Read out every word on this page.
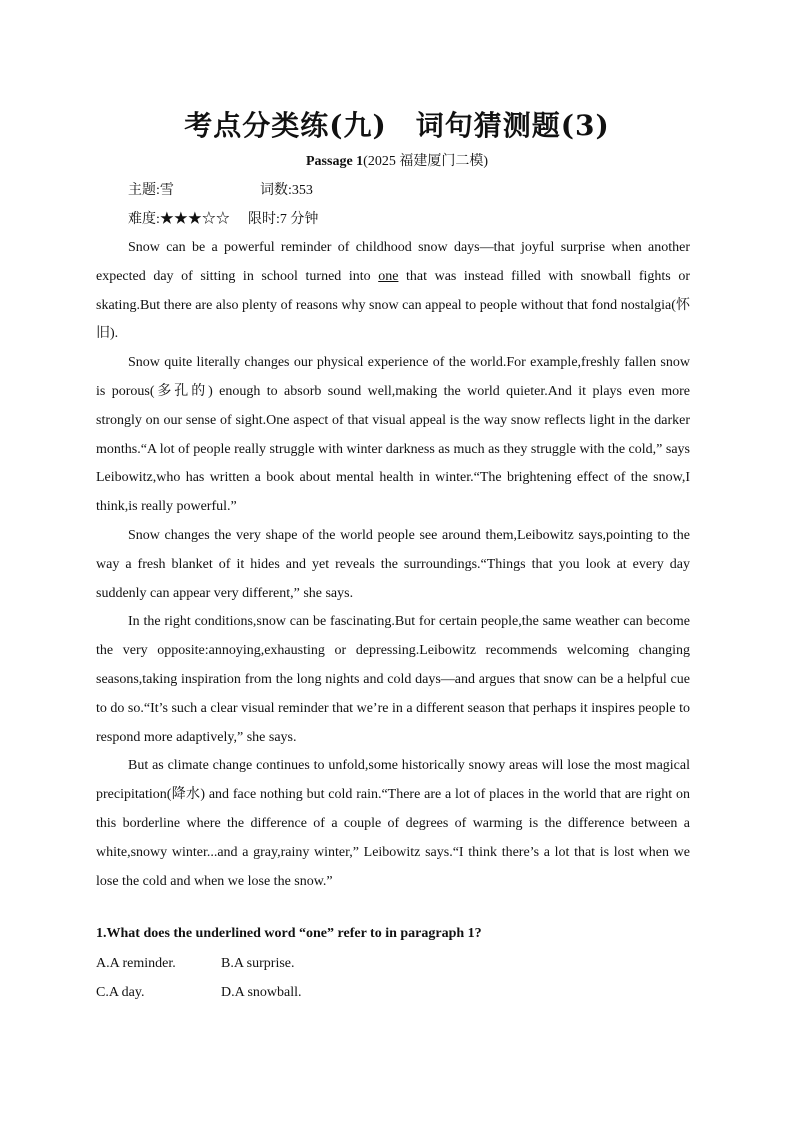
考点分类练(九)　词句猜测题(3)
Passage 1(2025 福建厦门二模)
主题:雪	词数:353
难度:★★★☆☆ 限时:7 分钟

Snow can be a powerful reminder of childhood snow days—that joyful surprise when another expected day of sitting in school turned into one that was instead filled with snowball fights or skating.But there are also plenty of reasons why snow can appeal to people without that fond nostalgia(怀旧).

Snow quite literally changes our physical experience of the world.For example,freshly fallen snow is porous(多孔的) enough to absorb sound well,making the world quieter.And it plays even more strongly on our sense of sight.One aspect of that visual appeal is the way snow reflects light in the darker months.“A lot of people really struggle with winter darkness as much as they struggle with the cold,” says Leibowitz,who has written a book about mental health in winter.“The brightening effect of the snow,I think,is really powerful.”

Snow changes the very shape of the world people see around them,Leibowitz says,pointing to the way a fresh blanket of it hides and yet reveals the surroundings.“Things that you look at every day suddenly can appear very different,” she says.

In the right conditions,snow can be fascinating.But for certain people,the same weather can become the very opposite:annoying,exhausting or depressing.Leibowitz recommends welcoming changing seasons,taking inspiration from the long nights and cold days—and argues that snow can be a helpful cue to do so.“It’s such a clear visual reminder that we’re in a different season that perhaps it inspires people to respond more adaptively,” she says.

But as climate change continues to unfold,some historically snowy areas will lose the most magical precipitation(降水) and face nothing but cold rain.“There are a lot of places in the world that are right on this borderline where the difference of a couple of degrees of warming is the difference between a white,snowy winter...and a gray,rainy winter,” Leibowitz says.“I think there’s a lot that is lost when we lose the cold and when we lose the snow.”

1.What does the underlined word “one” refer to in paragraph 1?
A.A reminder.	B.A surprise.
C.A day.	D.A snowball.
